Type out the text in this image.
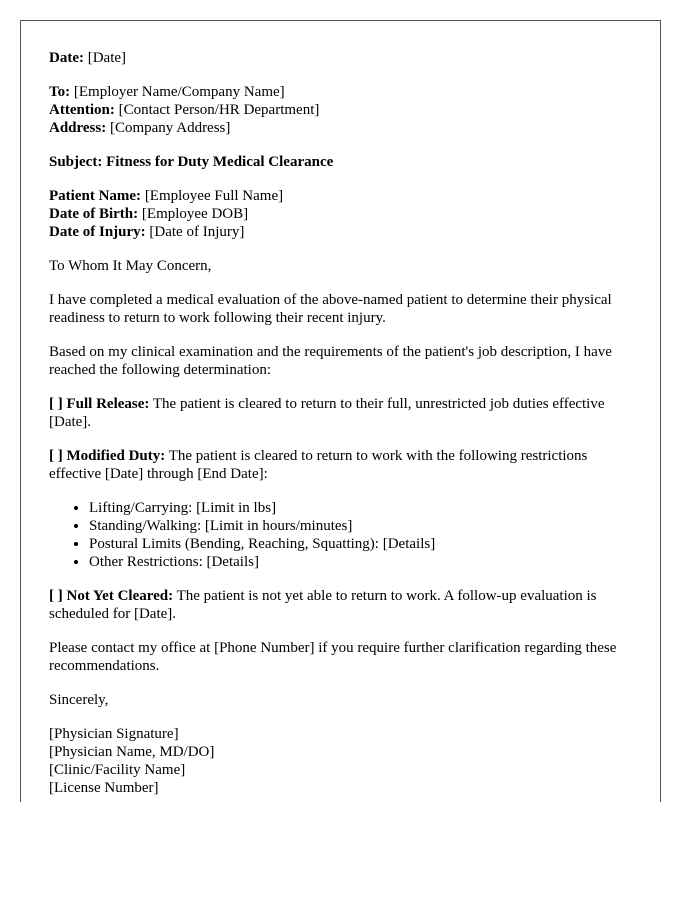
Date: [Date]
To: [Employer Name/Company Name]
Attention: [Contact Person/HR Department]
Address: [Company Address]
Subject: Fitness for Duty Medical Clearance
Patient Name: [Employee Full Name]
Date of Birth: [Employee DOB]
Date of Injury: [Date of Injury]

To Whom It May Concern,

I have completed a medical evaluation of the above-named patient to determine their physical readiness to return to work following their recent injury.

Based on my clinical examination and the requirements of the patient's job description, I have reached the following determination:

[ ] Full Release: The patient is cleared to return to their full, unrestricted job duties effective [Date].

[ ] Modified Duty: The patient is cleared to return to work with the following restrictions effective [Date] through [End Date]:

• Lifting/Carrying: [Limit in lbs]
• Standing/Walking: [Limit in hours/minutes]
• Postural Limits (Bending, Reaching, Squatting): [Details]
• Other Restrictions: [Details]

[ ] Not Yet Cleared: The patient is not yet able to return to work. A follow-up evaluation is scheduled for [Date].

Please contact my office at [Phone Number] if you require further clarification regarding these recommendations.

Sincerely,

[Physician Signature]
[Physician Name, MD/DO]
[Clinic/Facility Name]
[License Number]
